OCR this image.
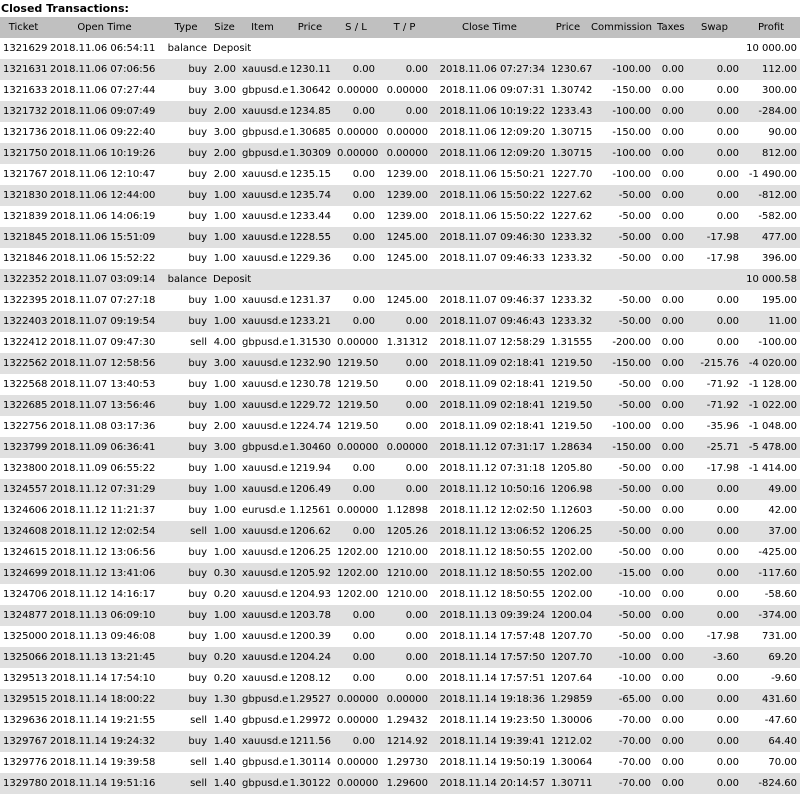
Closed Transactions:
Ticket	Open Time	Type	Size	Item	Price	S / L	T / P	Close Time	Price	Commission	Taxes	Swap	Profit
1321629	2018.11.06 06:54:11	balance	Deposit										10 000.00
1321631	2018.11.06 07:06:56	buy	2.00	xauusd.e	1230.11	0.00	0.00	2018.11.06 07:27:34	1230.67	-100.00	0.00	0.00	112.00
1321633	2018.11.06 07:27:44	buy	3.00	gbpusd.e	1.30642	0.00000	0.00000	2018.11.06 09:07:31	1.30742	-150.00	0.00	0.00	300.00
1321732	2018.11.06 09:07:49	buy	2.00	xauusd.e	1234.85	0.00	0.00	2018.11.06 10:19:22	1233.43	-100.00	0.00	0.00	-284.00
1321736	2018.11.06 09:22:40	buy	3.00	gbpusd.e	1.30685	0.00000	0.00000	2018.11.06 12:09:20	1.30715	-150.00	0.00	0.00	90.00
1321750	2018.11.06 10:19:26	buy	2.00	gbpusd.e	1.30309	0.00000	0.00000	2018.11.06 12:09:20	1.30715	-100.00	0.00	0.00	812.00
1321767	2018.11.06 12:10:47	buy	2.00	xauusd.e	1235.15	0.00	1239.00	2018.11.06 15:50:21	1227.70	-100.00	0.00	0.00	-1 490.00
1321830	2018.11.06 12:44:00	buy	1.00	xauusd.e	1235.74	0.00	1239.00	2018.11.06 15:50:22	1227.62	-50.00	0.00	0.00	-812.00
1321839	2018.11.06 14:06:19	buy	1.00	xauusd.e	1233.44	0.00	1239.00	2018.11.06 15:50:22	1227.62	-50.00	0.00	0.00	-582.00
1321845	2018.11.06 15:51:09	buy	1.00	xauusd.e	1228.55	0.00	1245.00	2018.11.07 09:46:30	1233.32	-50.00	0.00	-17.98	477.00
1321846	2018.11.06 15:52:22	buy	1.00	xauusd.e	1229.36	0.00	1245.00	2018.11.07 09:46:33	1233.32	-50.00	0.00	-17.98	396.00
1322352	2018.11.07 03:09:14	balance	Deposit										10 000.58
1322395	2018.11.07 07:27:18	buy	1.00	xauusd.e	1231.37	0.00	1245.00	2018.11.07 09:46:37	1233.32	-50.00	0.00	0.00	195.00
1322403	2018.11.07 09:19:54	buy	1.00	xauusd.e	1233.21	0.00	0.00	2018.11.07 09:46:43	1233.32	-50.00	0.00	0.00	11.00
1322412	2018.11.07 09:47:30	sell	4.00	gbpusd.e	1.31530	0.00000	1.31312	2018.11.07 12:58:29	1.31555	-200.00	0.00	0.00	-100.00
1322562	2018.11.07 12:58:56	buy	3.00	xauusd.e	1232.90	1219.50	0.00	2018.11.09 02:18:41	1219.50	-150.00	0.00	-215.76	-4 020.00
1322568	2018.11.07 13:40:53	buy	1.00	xauusd.e	1230.78	1219.50	0.00	2018.11.09 02:18:41	1219.50	-50.00	0.00	-71.92	-1 128.00
1322685	2018.11.07 13:56:46	buy	1.00	xauusd.e	1229.72	1219.50	0.00	2018.11.09 02:18:41	1219.50	-50.00	0.00	-71.92	-1 022.00
1322756	2018.11.08 03:17:36	buy	2.00	xauusd.e	1224.74	1219.50	0.00	2018.11.09 02:18:41	1219.50	-100.00	0.00	-35.96	-1 048.00
1323799	2018.11.09 06:36:41	buy	3.00	gbpusd.e	1.30460	0.00000	0.00000	2018.11.12 07:31:17	1.28634	-150.00	0.00	-25.71	-5 478.00
1323800	2018.11.09 06:55:22	buy	1.00	xauusd.e	1219.94	0.00	0.00	2018.11.12 07:31:18	1205.80	-50.00	0.00	-17.98	-1 414.00
1324557	2018.11.12 07:31:29	buy	1.00	xauusd.e	1206.49	0.00	0.00	2018.11.12 10:50:16	1206.98	-50.00	0.00	0.00	49.00
1324606	2018.11.12 11:21:37	buy	1.00	eurusd.e	1.12561	0.00000	1.12898	2018.11.12 12:02:50	1.12603	-50.00	0.00	0.00	42.00
1324608	2018.11.12 12:02:54	sell	1.00	xauusd.e	1206.62	0.00	1205.26	2018.11.12 13:06:52	1206.25	-50.00	0.00	0.00	37.00
1324615	2018.11.12 13:06:56	buy	1.00	xauusd.e	1206.25	1202.00	1210.00	2018.11.12 18:50:55	1202.00	-50.00	0.00	0.00	-425.00
1324699	2018.11.12 13:41:06	buy	0.30	xauusd.e	1205.92	1202.00	1210.00	2018.11.12 18:50:55	1202.00	-15.00	0.00	0.00	-117.60
1324706	2018.11.12 14:16:17	buy	0.20	xauusd.e	1204.93	1202.00	1210.00	2018.11.12 18:50:55	1202.00	-10.00	0.00	0.00	-58.60
1324877	2018.11.13 06:09:10	buy	1.00	xauusd.e	1203.78	0.00	0.00	2018.11.13 09:39:24	1200.04	-50.00	0.00	0.00	-374.00
1325000	2018.11.13 09:46:08	buy	1.00	xauusd.e	1200.39	0.00	0.00	2018.11.14 17:57:48	1207.70	-50.00	0.00	-17.98	731.00
1325066	2018.11.13 13:21:45	buy	0.20	xauusd.e	1204.24	0.00	0.00	2018.11.14 17:57:50	1207.70	-10.00	0.00	-3.60	69.20
1329513	2018.11.14 17:54:10	buy	0.20	xauusd.e	1208.12	0.00	0.00	2018.11.14 17:57:51	1207.64	-10.00	0.00	0.00	-9.60
1329515	2018.11.14 18:00:22	buy	1.30	gbpusd.e	1.29527	0.00000	0.00000	2018.11.14 19:18:36	1.29859	-65.00	0.00	0.00	431.60
1329636	2018.11.14 19:21:55	sell	1.40	gbpusd.e	1.29972	0.00000	1.29432	2018.11.14 19:23:50	1.30006	-70.00	0.00	0.00	-47.60
1329767	2018.11.14 19:24:32	buy	1.40	xauusd.e	1211.56	0.00	1214.92	2018.11.14 19:39:41	1212.02	-70.00	0.00	0.00	64.40
1329776	2018.11.14 19:39:58	sell	1.40	gbpusd.e	1.30114	0.00000	1.29730	2018.11.14 19:50:19	1.30064	-70.00	0.00	0.00	70.00
1329780	2018.11.14 19:51:16	sell	1.40	gbpusd.e	1.30122	0.00000	1.29600	2018.11.14 20:14:57	1.30711	-70.00	0.00	0.00	-824.60
